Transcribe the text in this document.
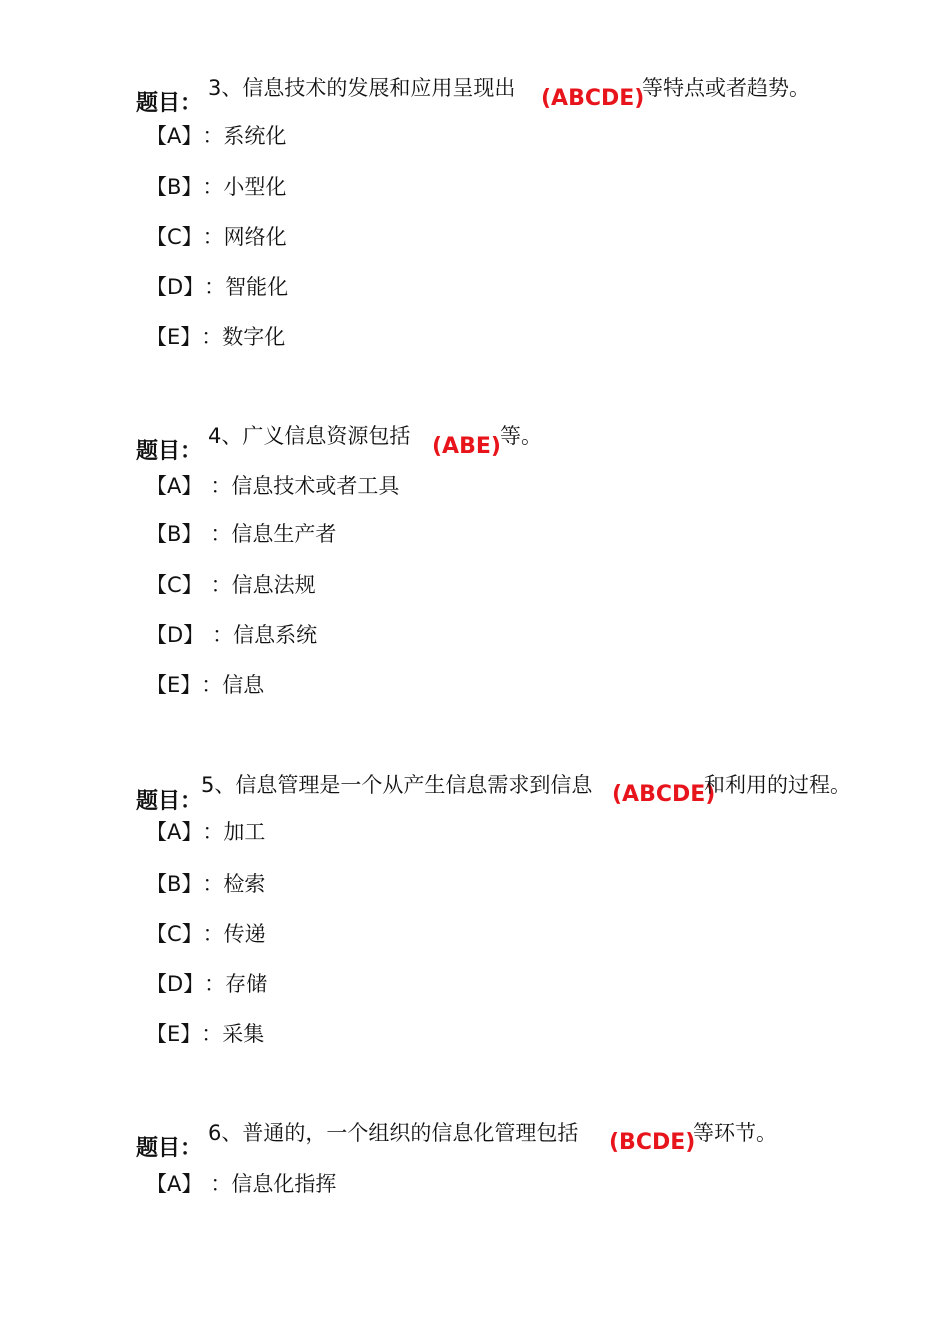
题目：
3、信息技术的发展和应用呈现出 (ABCDE)
等特点或者趋势。
【A】：系统化
【B】：小型化
【C】：网络化
【D】：智能化
【E】：数字化
题目：
4、广义信息资源包括 (ABE) 等。
【A】 ：信息技术或者工具
【B】 ：信息生产者
【C】 ：信息法规
【D】 ：信息系统
【E】：信息
题目：
5、信息管理是一个从产生信息需求到信息 (ABCDE)
和利用的过程。
【A】：加工
【B】：检索
【C】：传递
【D】：存储
【E】：采集
题目：
6、普通的，一个组织的信息化管理包括 (BCDE)
等环节。
【A】 ：信息化指挥
